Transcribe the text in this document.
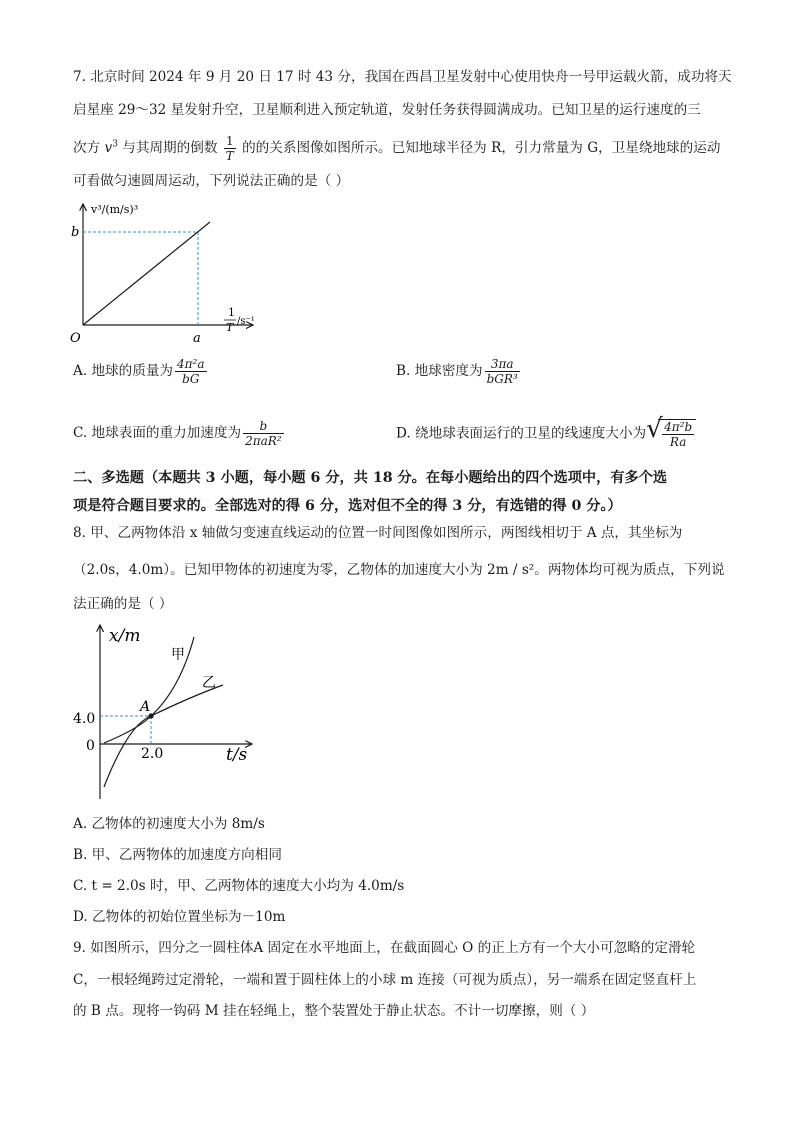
7. 北京时间 2024 年 9 月 20 日 17 时 43 分，我国在西昌卫星发射中心使用快舟一号甲运载火箭，成功将天
启星座 29～32 星发射升空，卫星顺利进入预定轨道，发射任务获得圆满成功。已知卫星的运行速度的三
次方 $v^3$ 与其周期的倒数 $\frac{1}{T}$ 的的关系图像如图所示。已知地球半径为 R，引力常量为 G，卫星绕地球的运动
可看做匀速圆周运动，下列说法正确的是（ ）
v³/(m/s)³
b
a
O
1
T /s⁻¹
A. 地球的质量为 $\frac{\text{4π²a}}{bG}$	B. 地球密度为 $\frac{3\pi a}{\text{bGR³}}$
C. 地球表面的重力加速度为 $\frac{b}{\text{2πaR²}}$	D. 绕地球表面运行的卫星的线速度大小为
√ $\frac{\text{4π²b}}{Ra}$
二、多选题（本题共 3 小题，每小题 6 分，共 18 分。在每小题给出的四个选项中，有多个选
项是符合题目要求的。全部选对的得 6 分，选对但不全的得 3 分，有选错的得 0 分。）
8. 甲、乙两物体沿 x 轴做匀变速直线运动的位置一时间图像如图所示，两图线相切于 A 点，其坐标为
（2.0s，4.0m）。已知甲物体的初速度为零，乙物体的加速度大小为 2m / s²。两物体均可视为质点，下列说
法正确的是（ ）
x/m
t/s
4.0
2.0
0
A
甲
乙
A. 乙物体的初速度大小为 8m/s
B. 甲、乙两物体的加速度方向相同
C. t = 2.0s 时，甲、乙两物体的速度大小均为 4.0m/s
D. 乙物体的初始位置坐标为－10m
9. 如图所示，四分之一圆柱体A 固定在水平地面上，在截面圆心 O 的正上方有一个大小可忽略的定滑轮
C，一根轻绳跨过定滑轮，一端和置于圆柱体上的小球 m 连接（可视为质点），另一端系在固定竖直杆上
的 B 点。现将一钩码 M 挂在轻绳上，整个装置处于静止状态。不计一切摩擦，则（ ）
